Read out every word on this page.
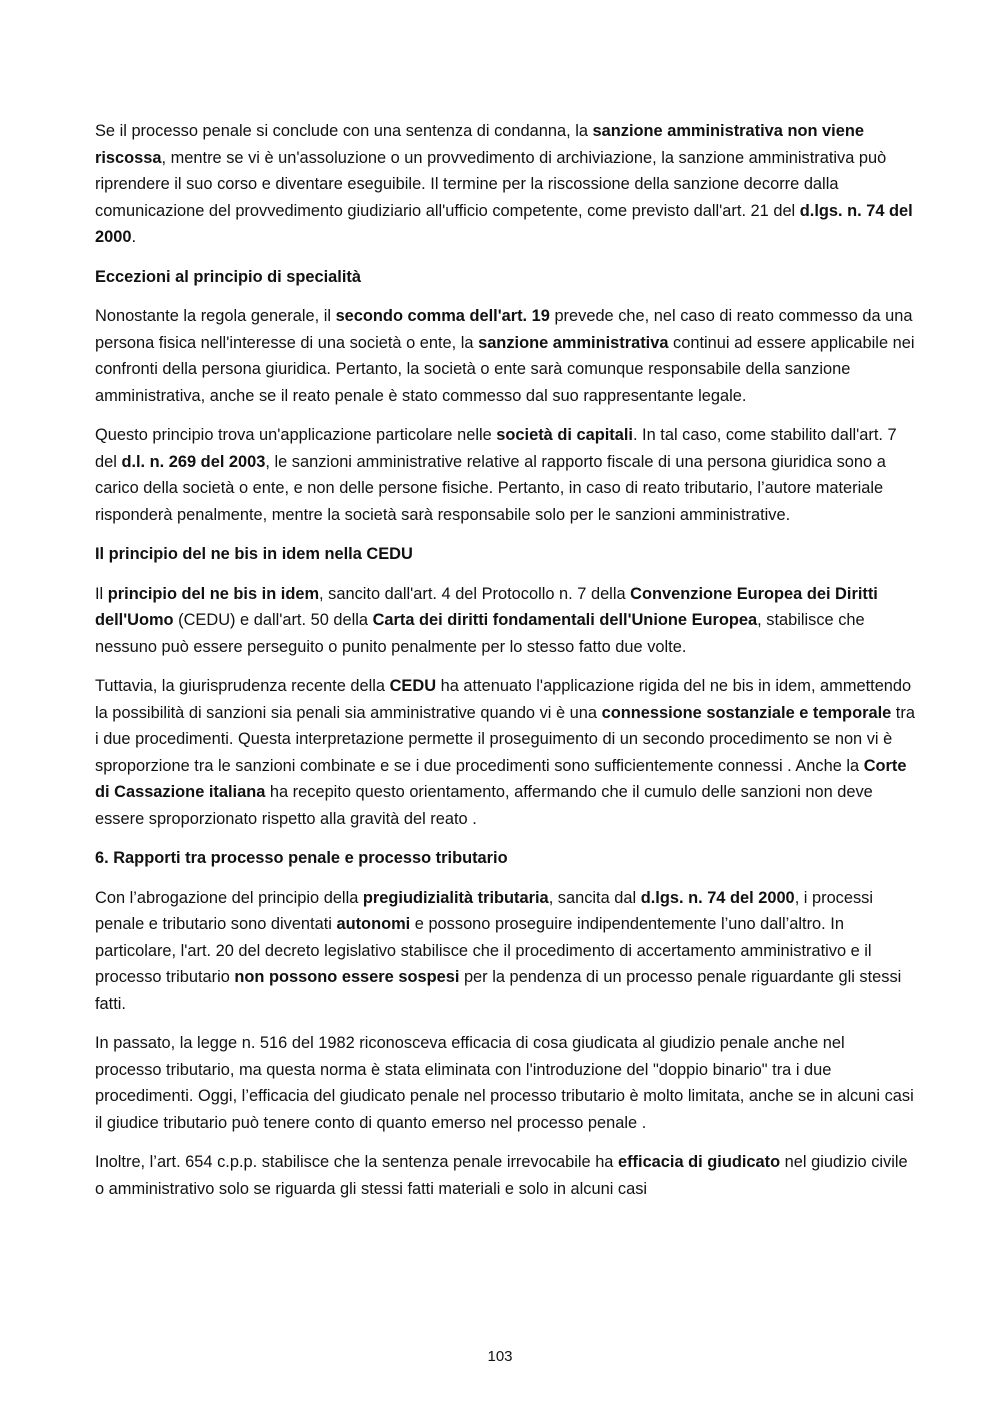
Se il processo penale si conclude con una sentenza di condanna, la sanzione amministrativa non viene riscossa, mentre se vi è un'assoluzione o un provvedimento di archiviazione, la sanzione amministrativa può riprendere il suo corso e diventare eseguibile. Il termine per la riscossione della sanzione decorre dalla comunicazione del provvedimento giudiziario all'ufficio competente, come previsto dall'art. 21 del d.lgs. n. 74 del 2000.

Eccezioni al principio di specialità

Nonostante la regola generale, il secondo comma dell'art. 19 prevede che, nel caso di reato commesso da una persona fisica nell'interesse di una società o ente, la sanzione amministrativa continui ad essere applicabile nei confronti della persona giuridica. Pertanto, la società o ente sarà comunque responsabile della sanzione amministrativa, anche se il reato penale è stato commesso dal suo rappresentante legale.

Questo principio trova un'applicazione particolare nelle società di capitali. In tal caso, come stabilito dall'art. 7 del d.l. n. 269 del 2003, le sanzioni amministrative relative al rapporto fiscale di una persona giuridica sono a carico della società o ente, e non delle persone fisiche. Pertanto, in caso di reato tributario, l’autore materiale risponderà penalmente, mentre la società sarà responsabile solo per le sanzioni amministrative.

Il principio del ne bis in idem nella CEDU

Il principio del ne bis in idem, sancito dall'art. 4 del Protocollo n. 7 della Convenzione Europea dei Diritti dell'Uomo (CEDU) e dall'art. 50 della Carta dei diritti fondamentali dell'Unione Europea, stabilisce che nessuno può essere perseguito o punito penalmente per lo stesso fatto due volte.

Tuttavia, la giurisprudenza recente della CEDU ha attenuato l'applicazione rigida del ne bis in idem, ammettendo la possibilità di sanzioni sia penali sia amministrative quando vi è una connessione sostanziale e temporale tra i due procedimenti. Questa interpretazione permette il proseguimento di un secondo procedimento se non vi è sproporzione tra le sanzioni combinate e se i due procedimenti sono sufficientemente connessi . Anche la Corte di Cassazione italiana ha recepito questo orientamento, affermando che il cumulo delle sanzioni non deve essere sproporzionato rispetto alla gravità del reato .

6. Rapporti tra processo penale e processo tributario

Con l’abrogazione del principio della pregiudizialità tributaria, sancita dal d.lgs. n. 74 del 2000, i processi penale e tributario sono diventati autonomi e possono proseguire indipendentemente l’uno dall’altro. In particolare, l'art. 20 del decreto legislativo stabilisce che il procedimento di accertamento amministrativo e il processo tributario non possono essere sospesi per la pendenza di un processo penale riguardante gli stessi fatti.

In passato, la legge n. 516 del 1982 riconosceva efficacia di cosa giudicata al giudizio penale anche nel processo tributario, ma questa norma è stata eliminata con l'introduzione del "doppio binario" tra i due procedimenti. Oggi, l’efficacia del giudicato penale nel processo tributario è molto limitata, anche se in alcuni casi il giudice tributario può tenere conto di quanto emerso nel processo penale .

Inoltre, l’art. 654 c.p.p. stabilisce che la sentenza penale irrevocabile ha efficacia di giudicato nel giudizio civile o amministrativo solo se riguarda gli stessi fatti materiali e solo in alcuni casi

103
